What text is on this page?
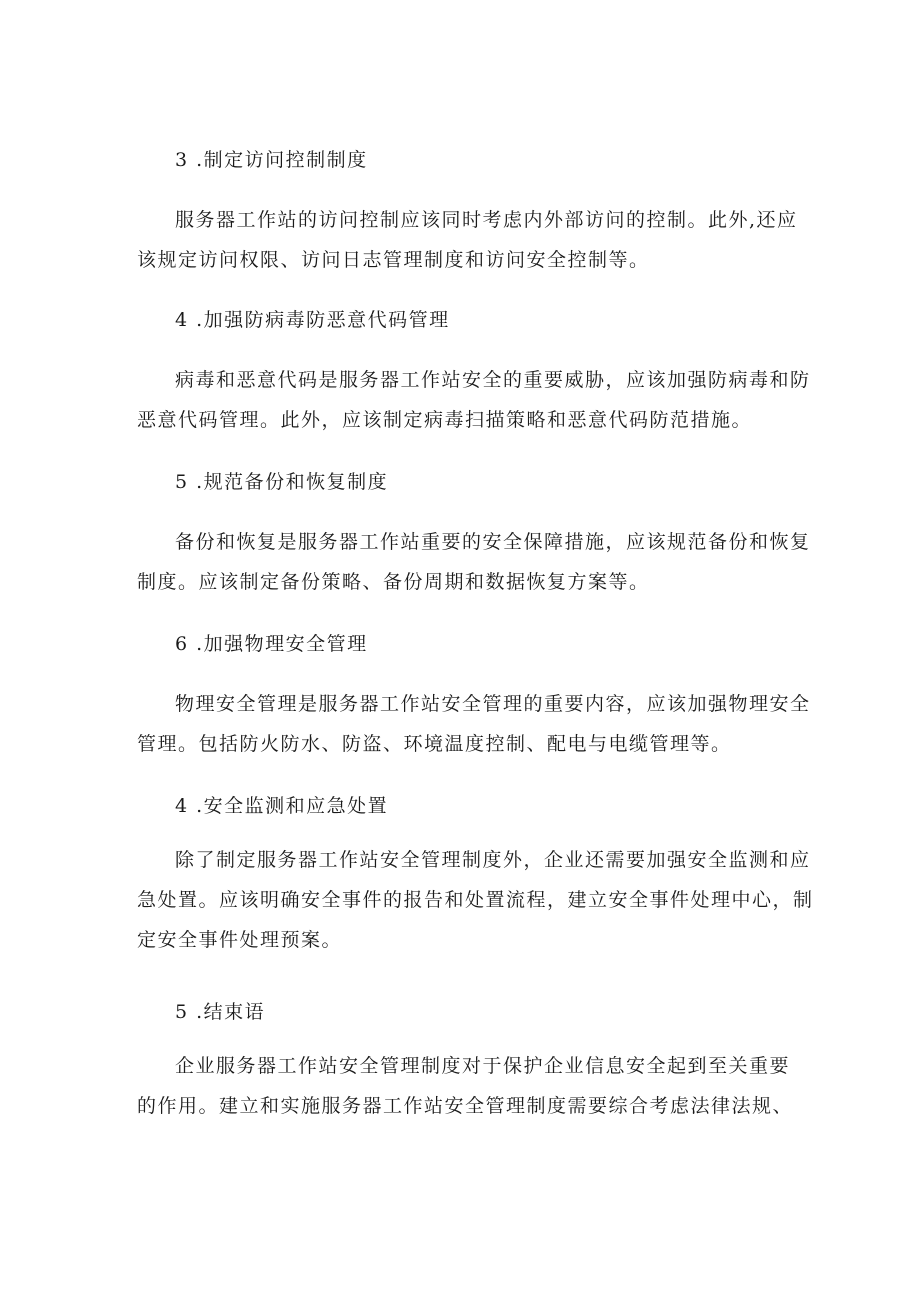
3 .制定访问控制制度
服务器工作站的访问控制应该同时考虑内外部访问的控制。此外,还应
该规定访问权限、访问日志管理制度和访问安全控制等。
4 .加强防病毒防恶意代码管理
病毒和恶意代码是服务器工作站安全的重要威胁，应该加强防病毒和防
恶意代码管理。此外，应该制定病毒扫描策略和恶意代码防范措施。
5 .规范备份和恢复制度
备份和恢复是服务器工作站重要的安全保障措施，应该规范备份和恢复
制度。应该制定备份策略、备份周期和数据恢复方案等。
6 .加强物理安全管理
物理安全管理是服务器工作站安全管理的重要内容，应该加强物理安全
管理。包括防火防水、防盗、环境温度控制、配电与电缆管理等。
4 .安全监测和应急处置
除了制定服务器工作站安全管理制度外，企业还需要加强安全监测和应
急处置。应该明确安全事件的报告和处置流程，建立安全事件处理中心，制
定安全事件处理预案。
5 .结束语
企业服务器工作站安全管理制度对于保护企业信息安全起到至关重要
的作用。建立和实施服务器工作站安全管理制度需要综合考虑法律法规、
